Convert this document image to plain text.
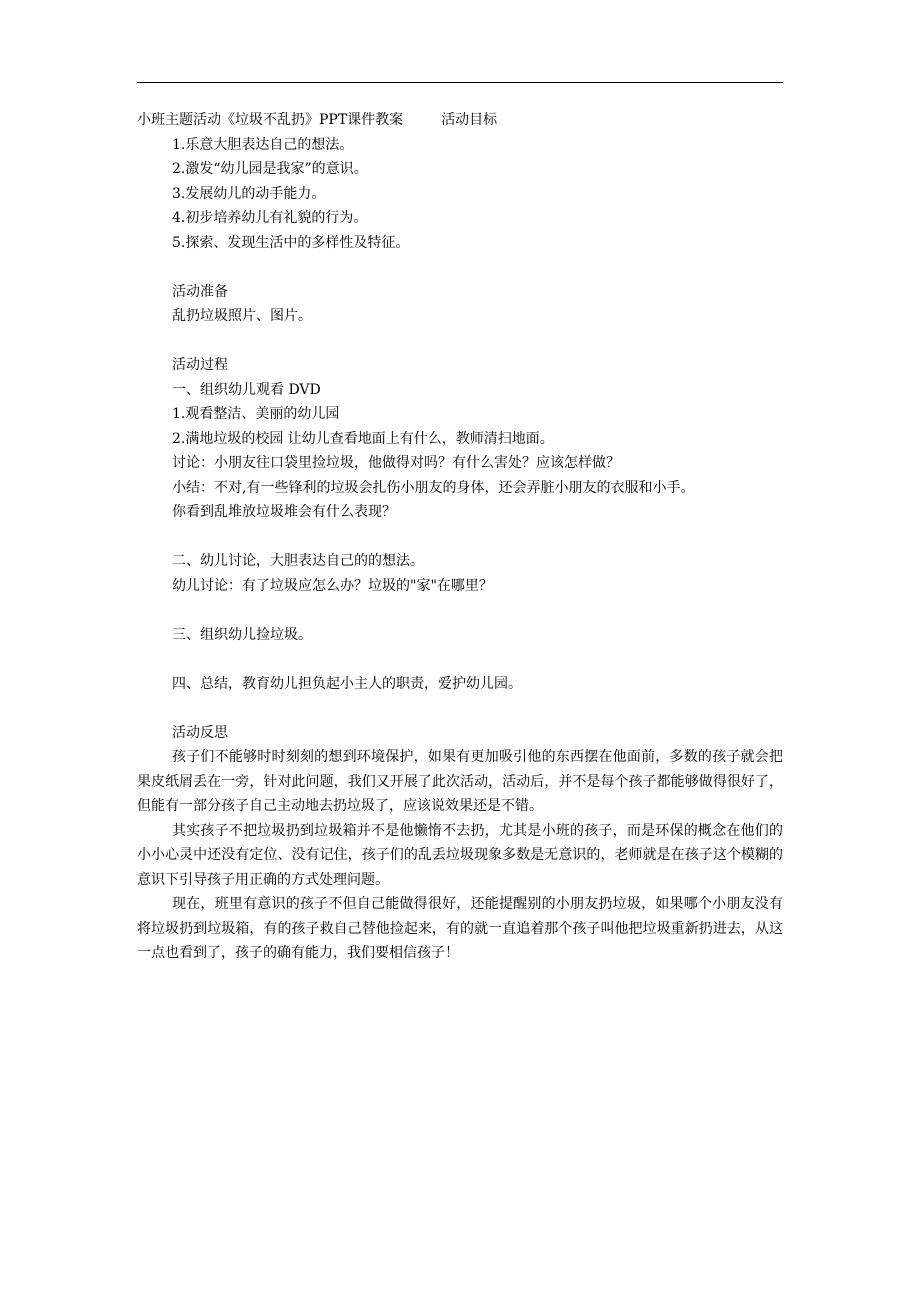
小班主题活动《垃圾不乱扔》PPT课件教案	活动目标
1.乐意大胆表达自己的想法。
2.激发“幼儿园是我家”的意识。
3.发展幼儿的动手能力。
4.初步培养幼儿有礼貌的行为。
5.探索、发现生活中的多样性及特征。
活动准备
乱扔垃圾照片、图片。
活动过程
一、组织幼儿观看 DVD
1.观看整洁、美丽的幼儿园
2.满地垃圾的校园 让幼儿查看地面上有什么，教师清扫地面。
讨论：小朋友往口袋里捡垃圾，他做得对吗？有什么害处？应该怎样做？
小结：不对,有一些锋利的垃圾会扎伤小朋友的身体，还会弄脏小朋友的衣服和小手。
你看到乱堆放垃圾堆会有什么表现？
二、幼儿讨论，大胆表达自己的的想法。
幼儿讨论：有了垃圾应怎么办？垃圾的"家"在哪里？
三、组织幼儿捡垃圾。
四、总结，教育幼儿担负起小主人的职责，爱护幼儿园。
活动反思
孩子们不能够时时刻刻的想到环境保护，如果有更加吸引他的东西摆在他面前，多数的孩子就会把果皮纸屑丢在一旁，针对此问题，我们又开展了此次活动，活动后，并不是每个孩子都能够做得很好了，但能有一部分孩子自己主动地去扔垃圾了，应该说效果还是不错。
其实孩子不把垃圾扔到垃圾箱并不是他懒惰不去扔，尤其是小班的孩子，而是环保的概念在他们的小小心灵中还没有定位、没有记住，孩子们的乱丢垃圾现象多数是无意识的，老师就是在孩子这个模糊的意识下引导孩子用正确的方式处理问题。
现在，班里有意识的孩子不但自己能做得很好，还能提醒别的小朋友扔垃圾，如果哪个小朋友没有将垃圾扔到垃圾箱，有的孩子救自己替他捡起来，有的就一直追着那个孩子叫他把垃圾重新扔进去，从这一点也看到了，孩子的确有能力，我们要相信孩子！
